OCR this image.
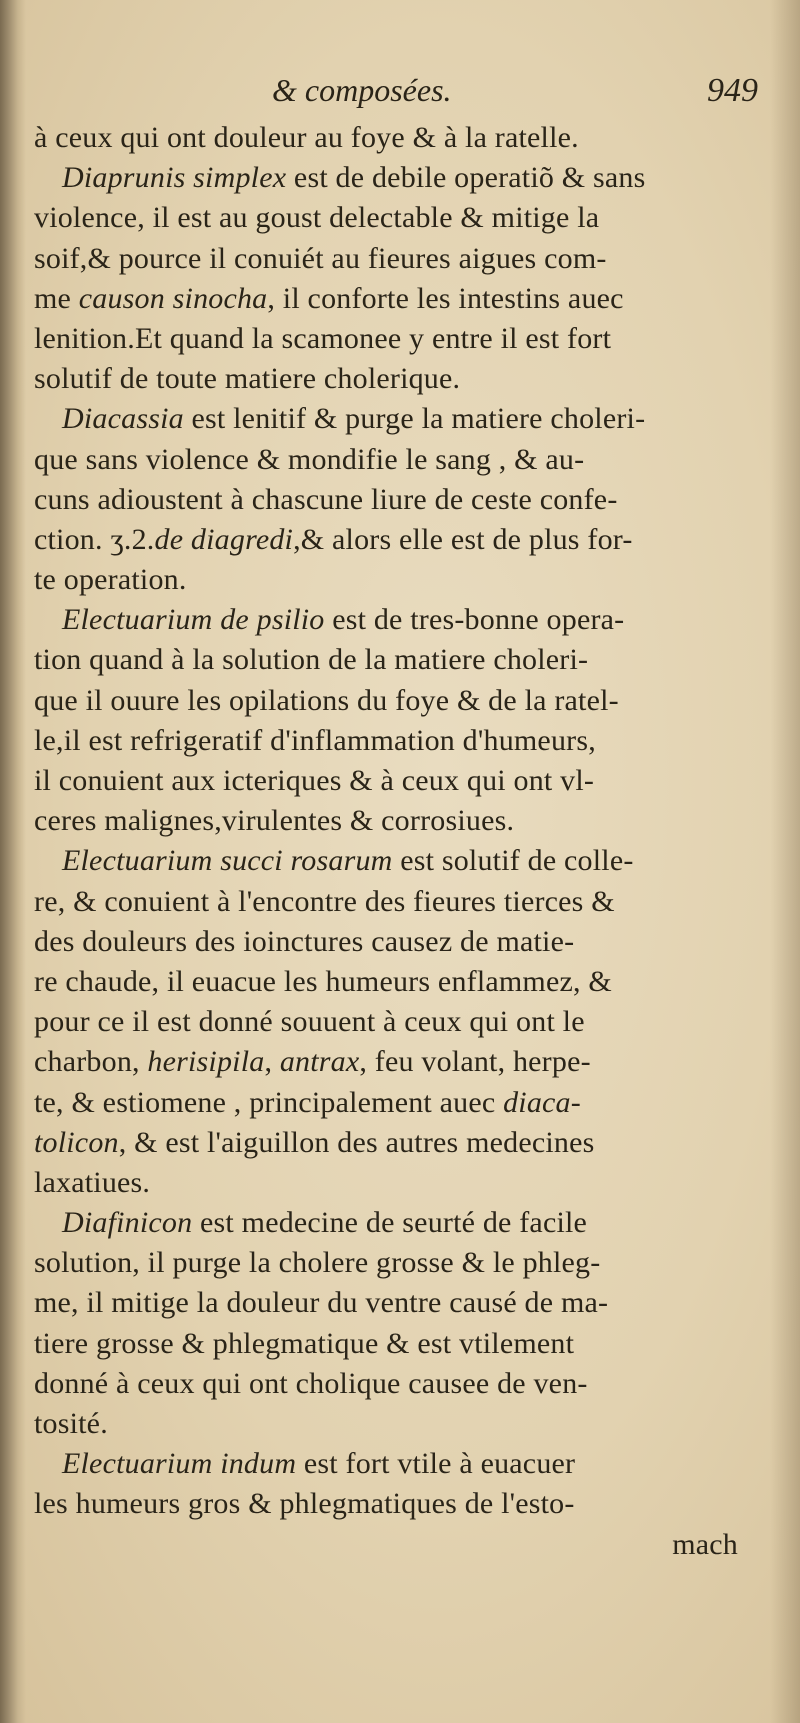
& composées.	949
à ceux qui ont douleur au foye & à la ratelle.
Diaprunis simplex est de debile operatiõ & sans
violence, il est au goust delectable & mitige la
soif,& pource il conuiét au fieures aigues com-
me causon sinocha, il conforte les intestins auec
lenition.Et quand la scamonee y entre il est fort
solutif de toute matiere cholerique.
Diacassia est lenitif & purge la matiere choleri-
que sans violence & mondifie le sang , & au-
cuns adioustent à chascune liure de ceste confe-
ction. ʒ.2.de diagredi,& alors elle est de plus for-
te operation.
Electuarium de psilio est de tres-bonne opera-
tion quand à la solution de la matiere choleri-
que il ouure les opilations du foye & de la ratel-
le,il est refrigeratif d'inflammation d'humeurs,
il conuient aux icteriques & à ceux qui ont vl-
ceres malignes,virulentes & corrosiues.
Electuarium succi rosarum est solutif de colle-
re, & conuient à l'encontre des fieures tierces &
des douleurs des ioinctures causez de matie-
re chaude, il euacue les humeurs enflammez, &
pour ce il est donné souuent à ceux qui ont le
charbon, herisipila, antrax, feu volant, herpe-
te, & estiomene , principalement auec diaca-
tolicon, & est l'aiguillon des autres medecines
laxatiues.
Diafinicon est medecine de seurté de facile
solution, il purge la cholere grosse & le phleg-
me, il mitige la douleur du ventre causé de ma-
tiere grosse & phlegmatique & est vtilement
donné à ceux qui ont cholique causee de ven-
tosité.
Electuarium indum est fort vtile à euacuer
les humeurs gros & phlegmatiques de l'esto-
mach
